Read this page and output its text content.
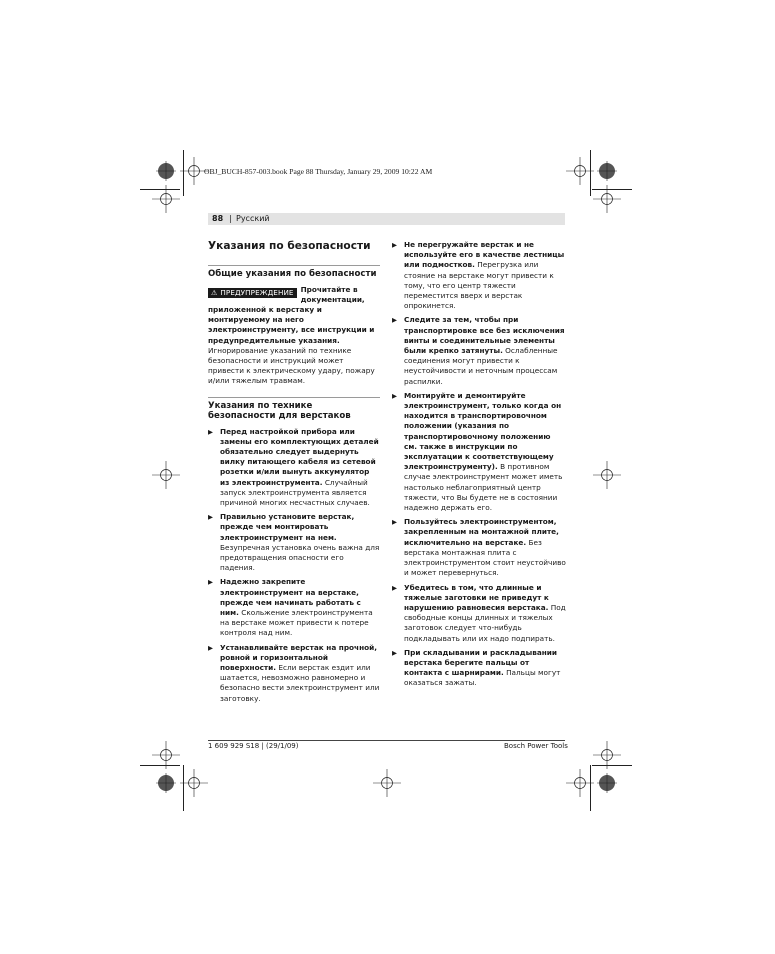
OBJ_BUCH-857-003.book Page 88 Thursday, January 29, 2009 10:22 AM
88 | Русский
Указания по безопасности
Общие указания по безопасности
⚠ ПРЕДУПРЕЖДЕНИЕ Прочитайте в документации, приложенной к верстаку и монтируемому на него электроинструменту, все инструкции и предупредительные указания. Игнорирование указаний по технике безопасности и инструкций может привести к электрическому удару, пожару и/или тяжелым травмам.
Указания по технике безопасности для верстаков
▶ Перед настройкой прибора или замены его комплектующих деталей обязательно следует выдернуть вилку питающего кабеля из сетевой розетки и/или вынуть аккумулятор из электроинструмента. Случайный запуск электроинструмента является причиной многих несчастных случаев.
▶ Правильно установите верстак, прежде чем монтировать электроинструмент на нем. Безупречная установка очень важна для предотвращения опасности его падения.
▶ Надежно закрепите электроинструмент на верстаке, прежде чем начинать работать с ним. Скольжение электроинструмента на верстаке может привести к потере контроля над ним.
▶ Устанавливайте верстак на прочной, ровной и горизонтальной поверхности. Если верстак ездит или шатается, невозможно равномерно и безопасно вести электроинструмент или заготовку.
▶ Не перегружайте верстак и не используйте его в качестве лестницы или подмостков. Перегрузка или стояние на верстаке могут привести к тому, что его центр тяжести переместится вверх и верстак опрокинется.
▶ Следите за тем, чтобы при транспортировке все без исключения винты и соединительные элементы были крепко затянуты. Ослабленные соединения могут привести к неустойчивости и неточным процессам распилки.
▶ Монтируйте и демонтируйте электроинструмент, только когда он находится в транспортировочном положении (указания по транспортировочному положению см. также в инструкции по эксплуатации к соответствующему электроинструменту). В противном случае электроинструмент может иметь настолько неблагоприятный центр тяжести, что Вы будете не в состоянии надежно держать его.
▶ Пользуйтесь электроинструментом, закрепленным на монтажной плите, исключительно на верстаке. Без верстака монтажная плита с электроинструментом стоит неустойчиво и может перевернуться.
▶ Убедитесь в том, что длинные и тяжелые заготовки не приведут к нарушению равновесия верстака. Под свободные концы длинных и тяжелых заготовок следует что-нибудь подкладывать или их надо подпирать.
▶ При складывании и раскладывании верстака берегите пальцы от контакта с шарнирами. Пальцы могут оказаться зажаты.
1 609 929 S18 | (29/1/09)	Bosch Power Tools
